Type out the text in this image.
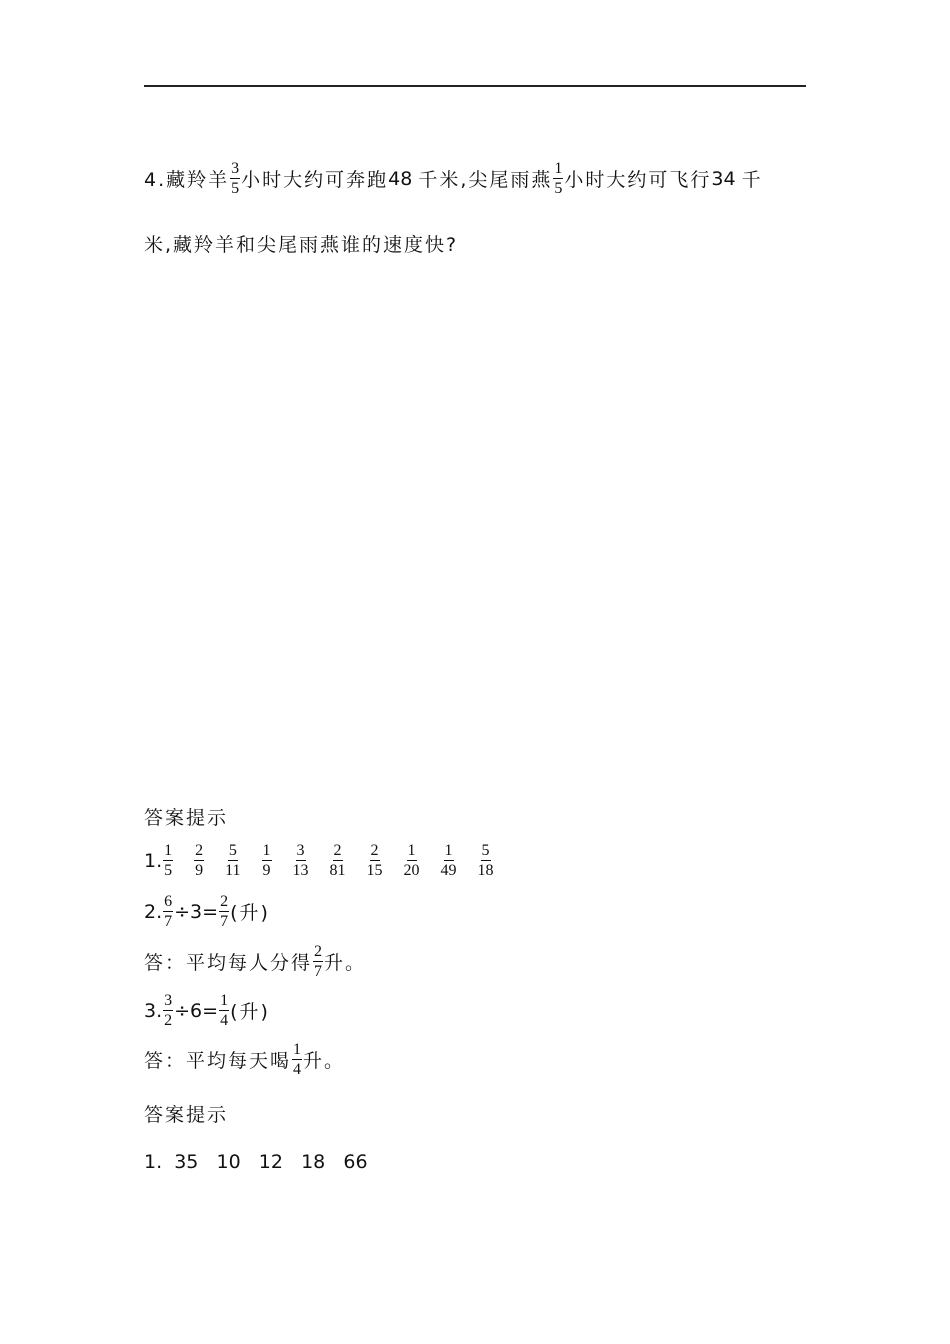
4.藏羚羊 $\frac{3}{5}$ 小时大约可奔跑 48 千米,尖尾雨燕 $\frac{1}{5}$ 小时大约可飞行 34 千
米,藏羚羊和尖尾雨燕谁的速度快?
答案提示
1. $\frac{1}{5} \frac{2}{9} \frac{5}{11} \frac{1}{9} \frac{3}{13} \frac{2}{81} \frac{2}{15} \frac{1}{20} \frac{1}{49} \frac{5}{18}$
2. $\frac{6}{7} \div 3= \frac{2}{7}$ (升)
答：平均每人分得 $\frac{2}{7}$ 升。
3. $\frac{3}{2} \div 6= \frac{1}{4}$ (升)
答：平均每天喝 $\frac{1}{4}$ 升。
答案提示
1.  35   10   12   18   66
